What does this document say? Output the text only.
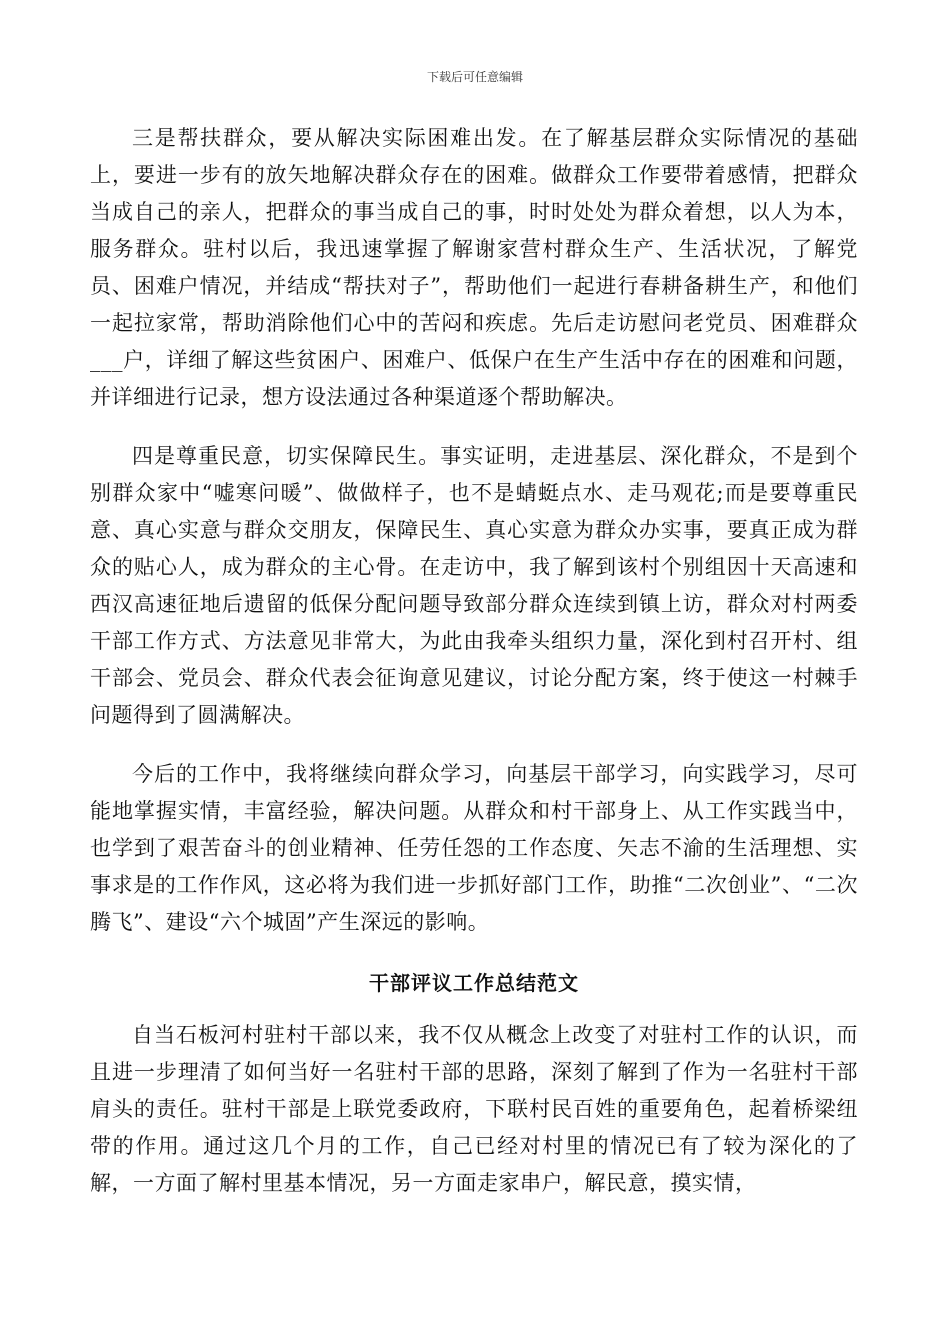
下载后可任意编辑

三是帮扶群众，要从解决实际困难出发。在了解基层群众实际情况的基础上，要进一步有的放矢地解决群众存在的困难。做群众工作要带着感情，把群众当成自己的亲人，把群众的事当成自己的事，时时处处为群众着想，以人为本，服务群众。驻村以后，我迅速掌握了解谢家营村群众生产、生活状况，了解党员、困难户情况，并结成“帮扶对子”，帮助他们一起进行春耕备耕生产，和他们一起拉家常，帮助消除他们心中的苦闷和疾虑。先后走访慰问老党员、困难群众___户，详细了解这些贫困户、困难户、低保户在生产生活中存在的困难和问题，并详细进行记录，想方设法通过各种渠道逐个帮助解决。

四是尊重民意，切实保障民生。事实证明，走进基层、深化群众，不是到个别群众家中“嘘寒问暖”、做做样子，也不是蜻蜓点水、走马观花;而是要尊重民意、真心实意与群众交朋友，保障民生、真心实意为群众办实事，要真正成为群众的贴心人，成为群众的主心骨。在走访中，我了解到该村个别组因十天高速和西汉高速征地后遗留的低保分配问题导致部分群众连续到镇上访，群众对村两委干部工作方式、方法意见非常大，为此由我牵头组织力量，深化到村召开村、组干部会、党员会、群众代表会征询意见建议，讨论分配方案，终于使这一村棘手问题得到了圆满解决。

今后的工作中，我将继续向群众学习，向基层干部学习，向实践学习，尽可能地掌握实情，丰富经验，解决问题。从群众和村干部身上、从工作实践当中，也学到了艰苦奋斗的创业精神、任劳任怨的工作态度、矢志不渝的生活理想、实事求是的工作作风，这必将为我们进一步抓好部门工作，助推“二次创业”、“二次腾飞”、建设“六个城固”产生深远的影响。

干部评议工作总结范文

自当石板河村驻村干部以来，我不仅从概念上改变了对驻村工作的认识，而且进一步理清了如何当好一名驻村干部的思路，深刻了解到了作为一名驻村干部肩头的责任。驻村干部是上联党委政府，下联村民百姓的重要角色，起着桥梁纽带的作用。通过这几个月的工作，自己已经对村里的情况已有了较为深化的了解，一方面了解村里基本情况，另一方面走家串户，解民意，摸实情，
